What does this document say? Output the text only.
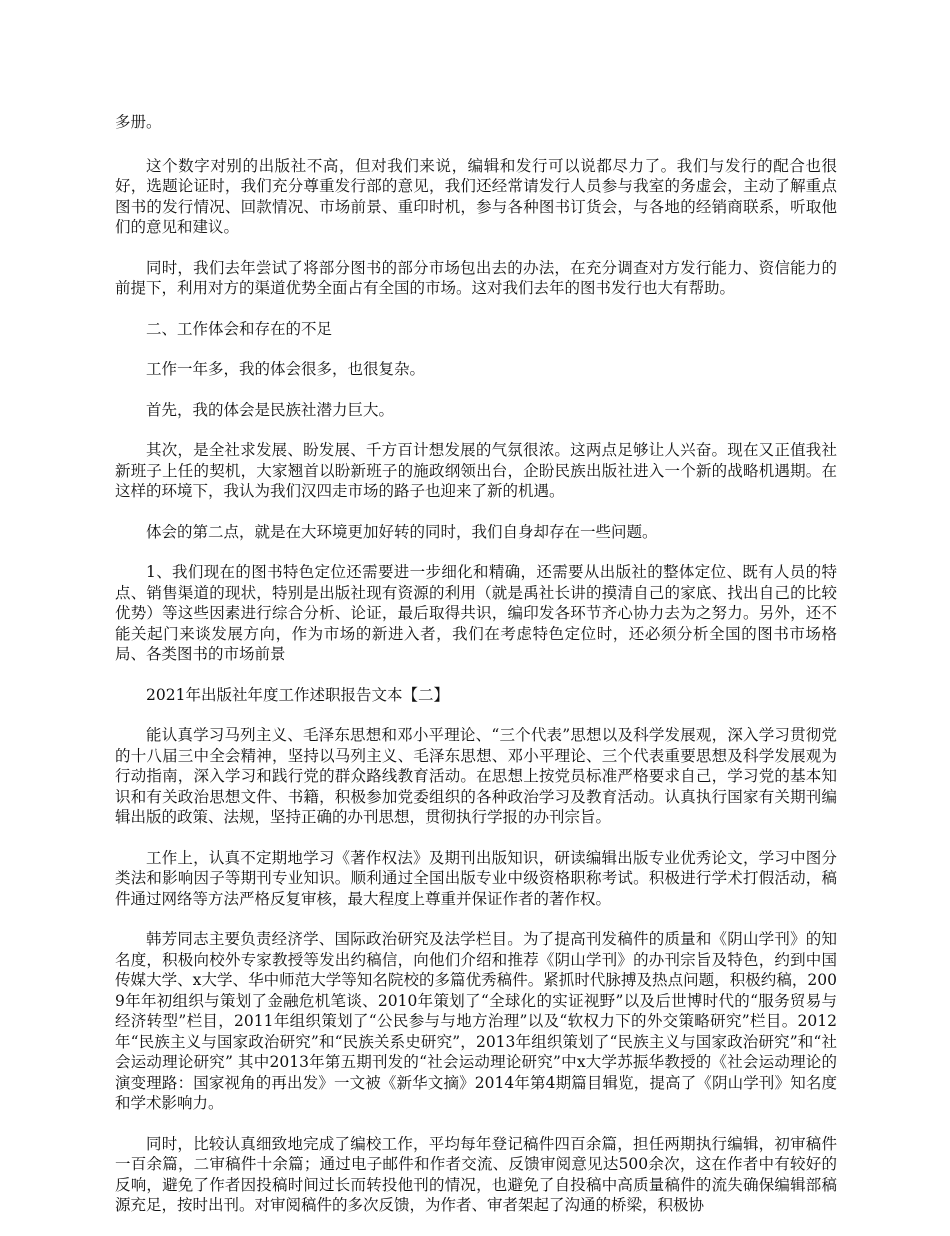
多册。

这个数字对别的出版社不高，但对我们来说，编辑和发行可以说都尽力了。我们与发行的配合也很好，选题论证时，我们充分尊重发行部的意见，我们还经常请发行人员参与我室的务虚会，主动了解重点图书的发行情况、回款情况、市场前景、重印时机，参与各种图书订货会，与各地的经销商联系，听取他们的意见和建议。

同时，我们去年尝试了将部分图书的部分市场包出去的办法，在充分调查对方发行能力、资信能力的前提下，利用对方的渠道优势全面占有全国的市场。这对我们去年的图书发行也大有帮助。

二、工作体会和存在的不足

工作一年多，我的体会很多，也很复杂。

首先，我的体会是民族社潜力巨大。

其次，是全社求发展、盼发展、千方百计想发展的气氛很浓。这两点足够让人兴奋。现在又正值我社新班子上任的契机，大家翘首以盼新班子的施政纲领出台，企盼民族出版社进入一个新的战略机遇期。在这样的环境下，我认为我们汉四走市场的路子也迎来了新的机遇。

体会的第二点，就是在大环境更加好转的同时，我们自身却存在一些问题。

1、我们现在的图书特色定位还需要进一步细化和精确，还需要从出版社的整体定位、既有人员的特点、销售渠道的现状，特别是出版社现有资源的利用（就是禹社长讲的摸清自己的家底、找出自己的比较优势）等这些因素进行综合分析、论证，最后取得共识，编印发各环节齐心协力去为之努力。另外，还不能关起门来谈发展方向，作为市场的新进入者，我们在考虑特色定位时，还必须分析全国的图书市场格局、各类图书的市场前景

2021年出版社年度工作述职报告文本【二】

能认真学习马列主义、毛泽东思想和邓小平理论、“三个代表”思想以及科学发展观，深入学习贯彻党的十八届三中全会精神，坚持以马列主义、毛泽东思想、邓小平理论、三个代表重要思想及科学发展观为行动指南，深入学习和践行党的群众路线教育活动。在思想上按党员标准严格要求自己，学习党的基本知识和有关政治思想文件、书籍，积极参加党委组织的各种政治学习及教育活动。认真执行国家有关期刊编辑出版的政策、法规，坚持正确的办刊思想，贯彻执行学报的办刊宗旨。

工作上，认真不定期地学习《著作权法》及期刊出版知识，研读编辑出版专业优秀论文，学习中图分类法和影响因子等期刊专业知识。顺利通过全国出版专业中级资格职称考试。积极进行学术打假活动，稿件通过网络等方法严格反复审核，最大程度上尊重并保证作者的著作权。

韩芳同志主要负责经济学、国际政治研究及法学栏目。为了提高刊发稿件的质量和《阴山学刊》的知名度，积极向校外专家教授等发出约稿信，向他们介绍和推荐《阴山学刊》的办刊宗旨及特色，约到中国传媒大学、x大学、华中师范大学等知名院校的多篇优秀稿件。紧抓时代脉搏及热点问题，积极约稿，2009年年初组织与策划了金融危机笔谈、2010年策划了“全球化的实证视野”以及后世博时代的“服务贸易与经济转型”栏目，2011年组织策划了“公民参与与地方治理”以及“软权力下的外交策略研究”栏目。2012年“民族主义与国家政治研究”和“民族关系史研究”，2013年组织策划了“民族主义与国家政治研究”和“社会运动理论研究” 其中2013年第五期刊发的“社会运动理论研究”中x大学苏振华教授的《社会运动理论的演变理路：国家视角的再出发》一文被《新华文摘》2014年第4期篇目辑览，提高了《阴山学刊》知名度和学术影响力。

同时，比较认真细致地完成了编校工作，平均每年登记稿件四百余篇，担任两期执行编辑，初审稿件一百余篇，二审稿件十余篇；通过电子邮件和作者交流、反馈审阅意见达500余次，这在作者中有较好的反响，避免了作者因投稿时间过长而转投他刊的情况，也避免了自投稿中高质量稿件的流失确保编辑部稿源充足，按时出刊。对审阅稿件的多次反馈，为作者、审者架起了沟通的桥梁，积极协
